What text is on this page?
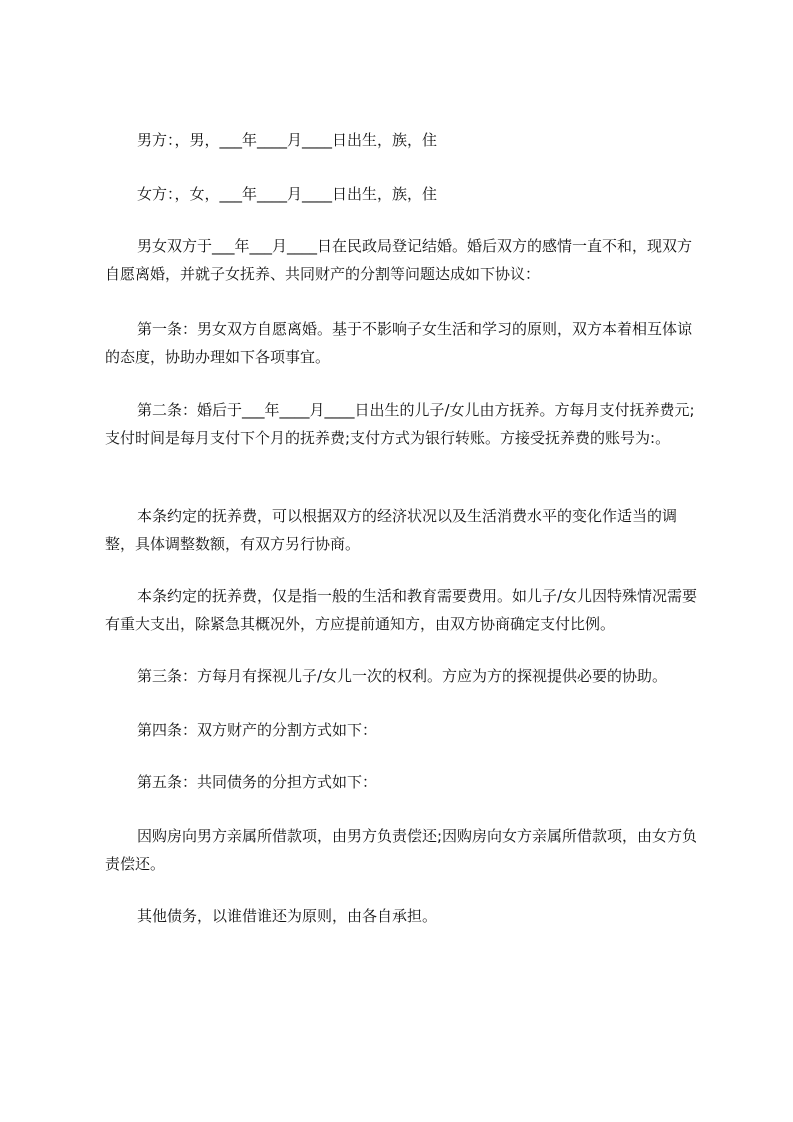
男方：，男，___年____月____日出生，族，住

女方：，女，___年____月____日出生，族，住

男女双方于___年___月____日在民政局登记结婚。婚后双方的感情一直不和，现双方自愿离婚，并就子女抚养、共同财产的分割等问题达成如下协议：

第一条：男女双方自愿离婚。基于不影响子女生活和学习的原则，双方本着相互体谅的态度，协助办理如下各项事宜。

第二条：婚后于___年____月____日出生的儿子/女儿由方抚养。方每月支付抚养费元;支付时间是每月支付下个月的抚养费;支付方式为银行转账。方接受抚养费的账号为:。

本条约定的抚养费，可以根据双方的经济状况以及生活消费水平的变化作适当的调整，具体调整数额，有双方另行协商。

本条约定的抚养费，仅是指一般的生活和教育需要费用。如儿子/女儿因特殊情况需要有重大支出，除紧急其概况外，方应提前通知方，由双方协商确定支付比例。

第三条：方每月有探视儿子/女儿一次的权利。方应为方的探视提供必要的协助。

第四条：双方财产的分割方式如下：

第五条：共同债务的分担方式如下：

因购房向男方亲属所借款项，由男方负责偿还;因购房向女方亲属所借款项，由女方负责偿还。

其他债务，以谁借谁还为原则，由各自承担。
